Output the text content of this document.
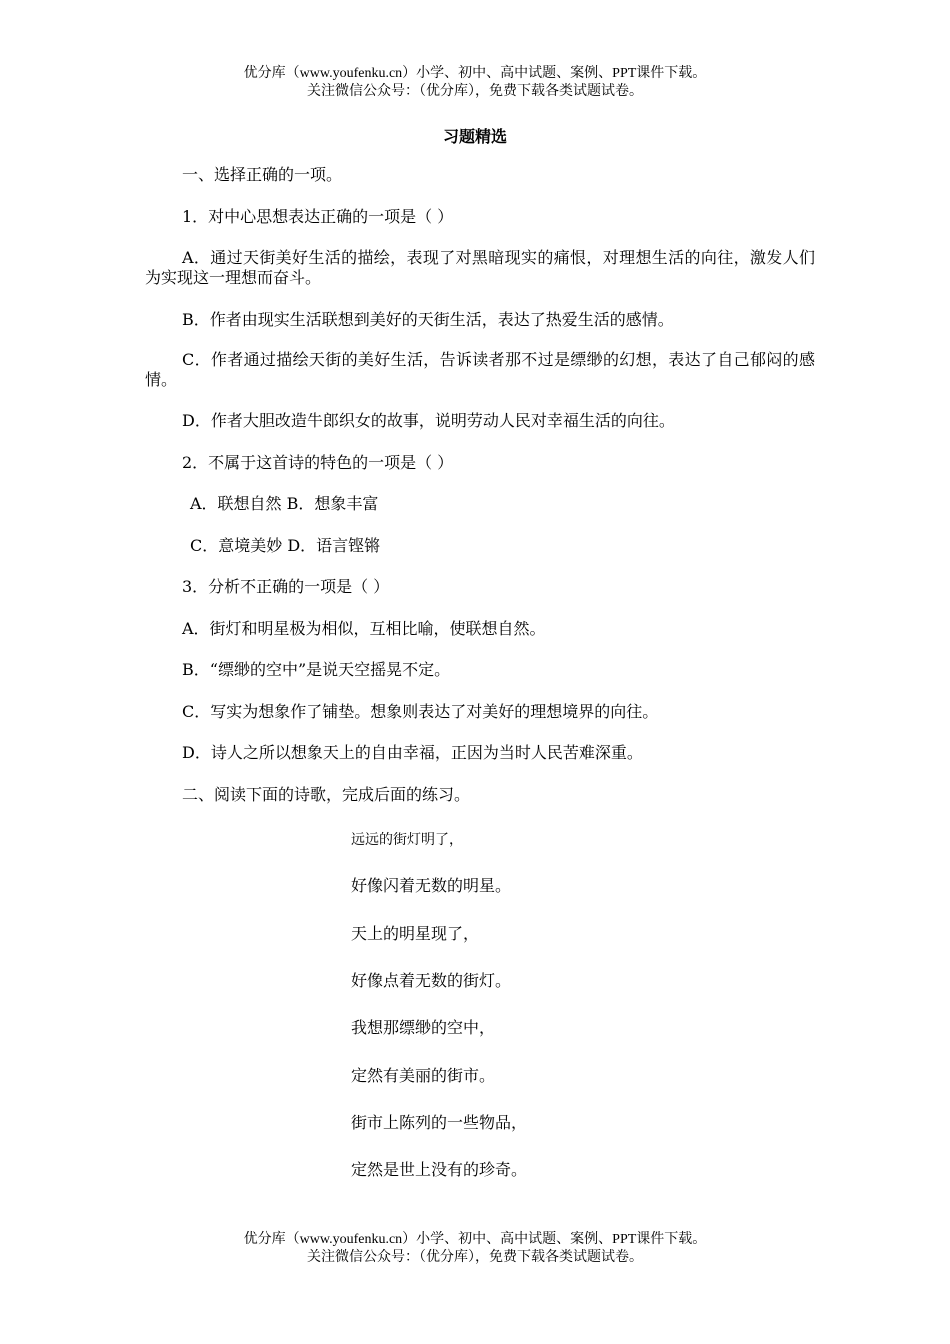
优分库（www.youfenku.cn）小学、初中、高中试题、案例、PPT课件下载。
关注微信公众号：（优分库），免费下载各类试题试卷。
习题精选
一、选择正确的一项。
1．对中心思想表达正确的一项是（ ）
A．通过天街美好生活的描绘，表现了对黑暗现实的痛恨，对理想生活的向往，激发人们为实现这一理想而奋斗。
B．作者由现实生活联想到美好的天街生活，表达了热爱生活的感情。
C．作者通过描绘天街的美好生活，告诉读者那不过是缥缈的幻想，表达了自己郁闷的感情。
D．作者大胆改造牛郎织女的故事，说明劳动人民对幸福生活的向往。
2．不属于这首诗的特色的一项是（ ）
A．联想自然 B．想象丰富
C．意境美妙 D．语言铿锵
3．分析不正确的一项是（ ）
A．街灯和明星极为相似，互相比喻，使联想自然。
B．“缥缈的空中”是说天空摇晃不定。
C．写实为想象作了铺垫。想象则表达了对美好的理想境界的向往。
D．诗人之所以想象天上的自由幸福，正因为当时人民苦难深重。
二、阅读下面的诗歌，完成后面的练习。
远远的街灯明了，
好像闪着无数的明星。
天上的明星现了，
好像点着无数的街灯。
我想那缥缈的空中，
定然有美丽的街市。
街市上陈列的一些物品，
定然是世上没有的珍奇。
优分库（www.youfenku.cn）小学、初中、高中试题、案例、PPT课件下载。
关注微信公众号：（优分库），免费下载各类试题试卷。
